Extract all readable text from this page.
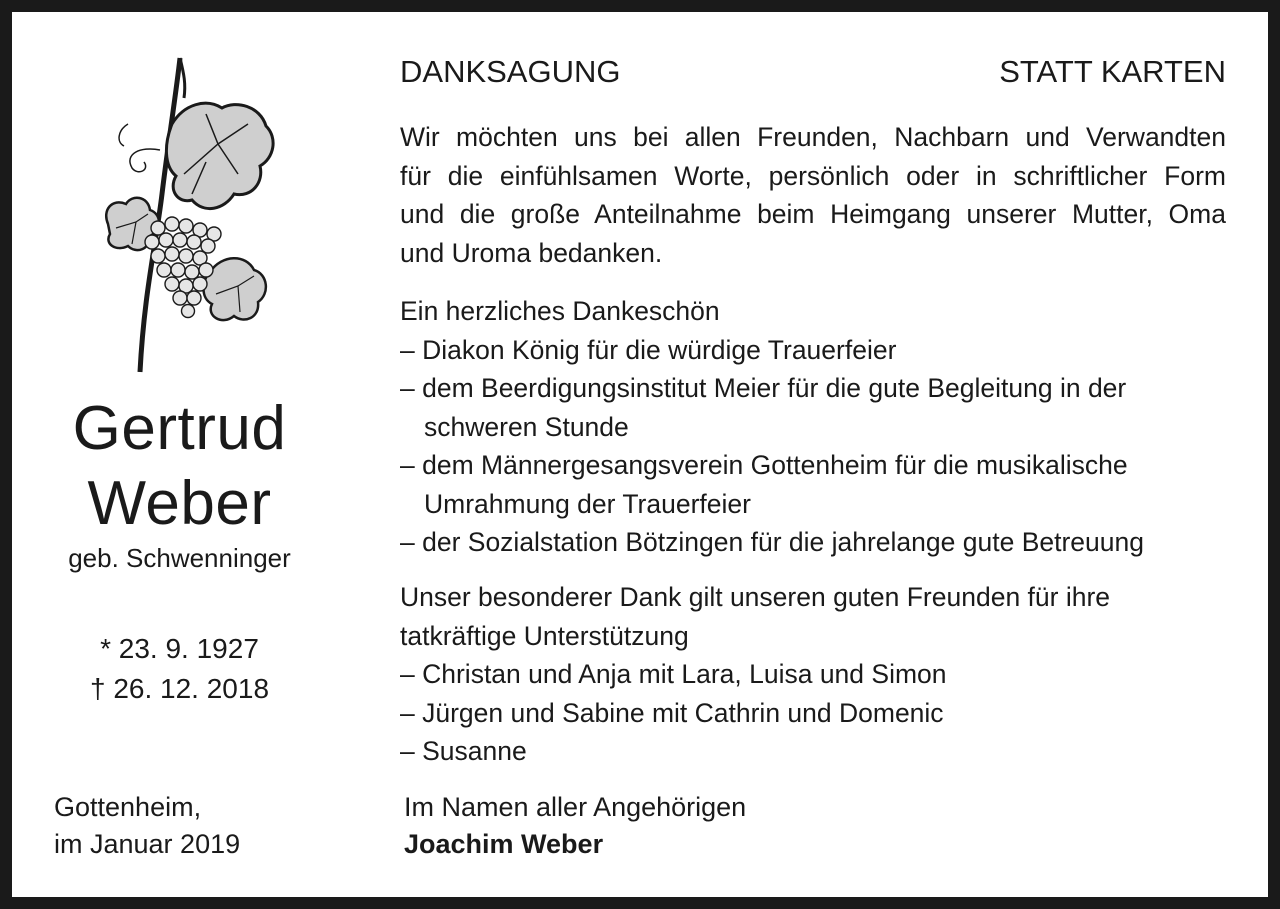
Gertrud
Weber
geb. Schwenninger
* 23. 9. 1927
† 26. 12. 2018
Gottenheim,
im Januar 2019
DANKSAGUNG	STATT KARTEN
Wir möchten uns bei allen Freunden, Nachbarn und Verwandten
für die einfühlsamen Worte, persönlich oder in schriftlicher Form
und die große Anteilnahme beim Heimgang unserer Mutter, Oma
und Uroma bedanken.
Ein herzliches Dankeschön
– Diakon König für die würdige Trauerfeier
– dem Beerdigungsinstitut Meier für die gute Begleitung in der
schweren Stunde
– dem Männergesangsverein Gottenheim für die musikalische
Umrahmung der Trauerfeier
– der Sozialstation Bötzingen für die jahrelange gute Betreuung
Unser besonderer Dank gilt unseren guten Freunden für ihre
tatkräftige Unterstützung
– Christan und Anja mit Lara, Luisa und Simon
– Jürgen und Sabine mit Cathrin und Domenic
– Susanne
Im Namen aller Angehörigen
Joachim Weber
